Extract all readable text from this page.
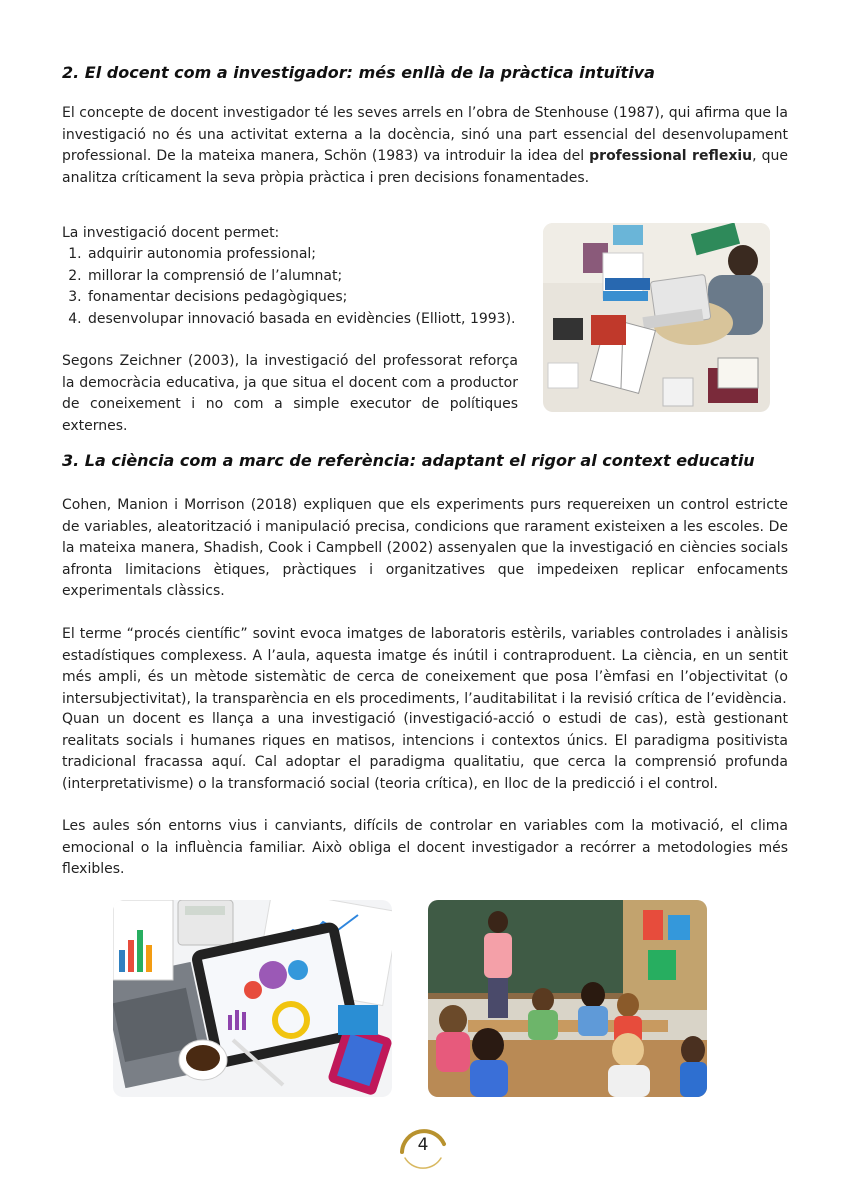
2. El docent com a investigador: més enllà de la pràctica intuïtiva

El concepte de docent investigador té les seves arrels en l’obra de Stenhouse (1987), qui afirma que la investigació no és una activitat externa a la docència, sinó una part essencial del desenvolupament professional. De la mateixa manera, Schön (1983) va introduir la idea del professional reflexiu, que analitza críticament la seva pròpia pràctica i pren decisions fonamentades.

La investigació docent permet:

1. adquirir autonomia professional;
2. millorar la comprensió de l’alumnat;
3. fonamentar decisions pedagògiques;
4. desenvolupar innovació basada en evidències (Elliott, 1993).

Segons Zeichner (2003), la investigació del professorat reforça la democràcia educativa, ja que situa el docent com a productor de coneixement i no com a simple executor de polítiques externes.

3. La ciència com a marc de referència: adaptant el rigor al context educatiu

Cohen, Manion i Morrison (2018) expliquen que els experiments purs requereixen un control estricte de variables, aleatorització i manipulació precisa, condicions que rarament existeixen a les escoles. De la mateixa manera, Shadish, Cook i Campbell (2002) assenyalen que la investigació en ciències socials afronta limitacions ètiques, pràctiques i organitzatives que impedeixen replicar enfocaments experimentals clàssics.

El terme “procés científic” sovint evoca imatges de laboratoris estèrils, variables controlades i anàlisis estadístiques complexess. A l’aula, aquesta imatge és inútil i contraproduent. La ciència, en un sentit més ampli, és un mètode sistemàtic de cerca de coneixement que posa l’èmfasi en l’objectivitat (o intersubjectivitat), la transparència en els procediments, l’auditabilitat i la revisió crítica de l’evidència.

Quan un docent es llança a una investigació (investigació-acció o estudi de cas), està gestionant realitats socials i humanes riques en matisos, intencions i contextos únics. El paradigma positivista tradicional fracassa aquí. Cal adoptar el paradigma qualitatiu, que cerca la comprensió profunda (interpretativisme) o la transformació social (teoria crítica), en lloc de la predicció i el control.

Les aules són entorns vius i canviants, difícils de controlar en variables com la motivació, el clima emocional o la influència familiar. Això obliga el docent investigador a recórrer a metodologies més flexibles.

4
